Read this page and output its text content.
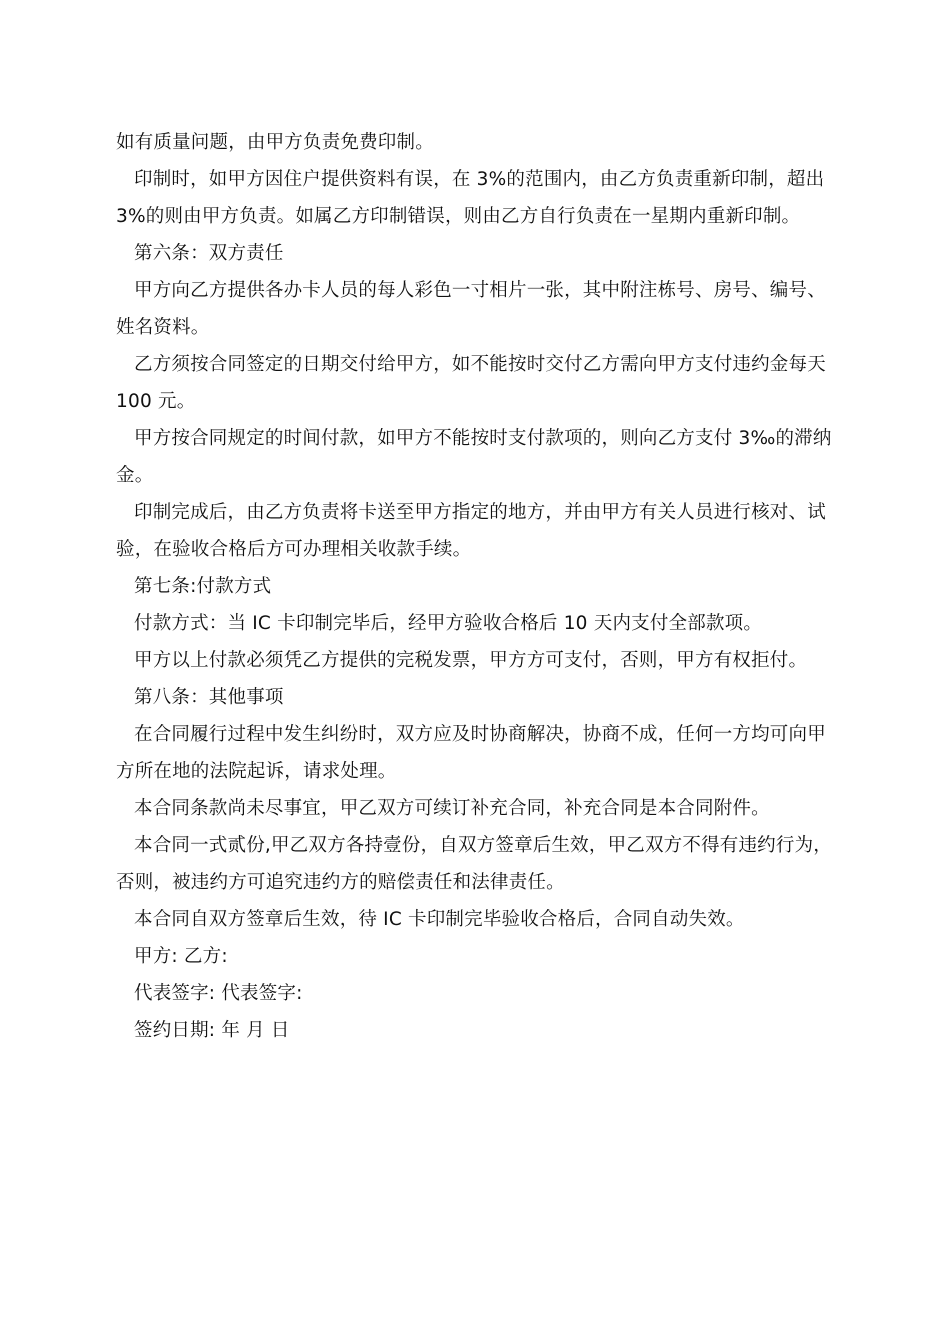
如有质量问题，由甲方负责免费印制。

印制时，如甲方因住户提供资料有误，在 3%的范围内，由乙方负责重新印制，超出3%的则由甲方负责。如属乙方印制错误，则由乙方自行负责在一星期内重新印制。

第六条：双方责任

甲方向乙方提供各办卡人员的每人彩色一寸相片一张，其中附注栋号、房号、编号、姓名资料。

乙方须按合同签定的日期交付给甲方，如不能按时交付乙方需向甲方支付违约金每天 100 元。

甲方按合同规定的时间付款，如甲方不能按时支付款项的，则向乙方支付 3‰的滞纳金。

印制完成后，由乙方负责将卡送至甲方指定的地方，并由甲方有关人员进行核对、试验，在验收合格后方可办理相关收款手续。

第七条:付款方式

付款方式：当 IC 卡印制完毕后，经甲方验收合格后 10 天内支付全部款项。

甲方以上付款必须凭乙方提供的完税发票，甲方方可支付，否则，甲方有权拒付。

第八条：其他事项

在合同履行过程中发生纠纷时，双方应及时协商解决，协商不成，任何一方均可向甲方所在地的法院起诉，请求处理。

本合同条款尚未尽事宜，甲乙双方可续订补充合同，补充合同是本合同附件。

本合同一式贰份,甲乙双方各持壹份，自双方签章后生效，甲乙双方不得有违约行为，否则，被违约方可追究违约方的赔偿责任和法律责任。

本合同自双方签章后生效，待 IC 卡印制完毕验收合格后，合同自动失效。

甲方: 乙方:

代表签字: 代表签字:

签约日期: 年 月 日
